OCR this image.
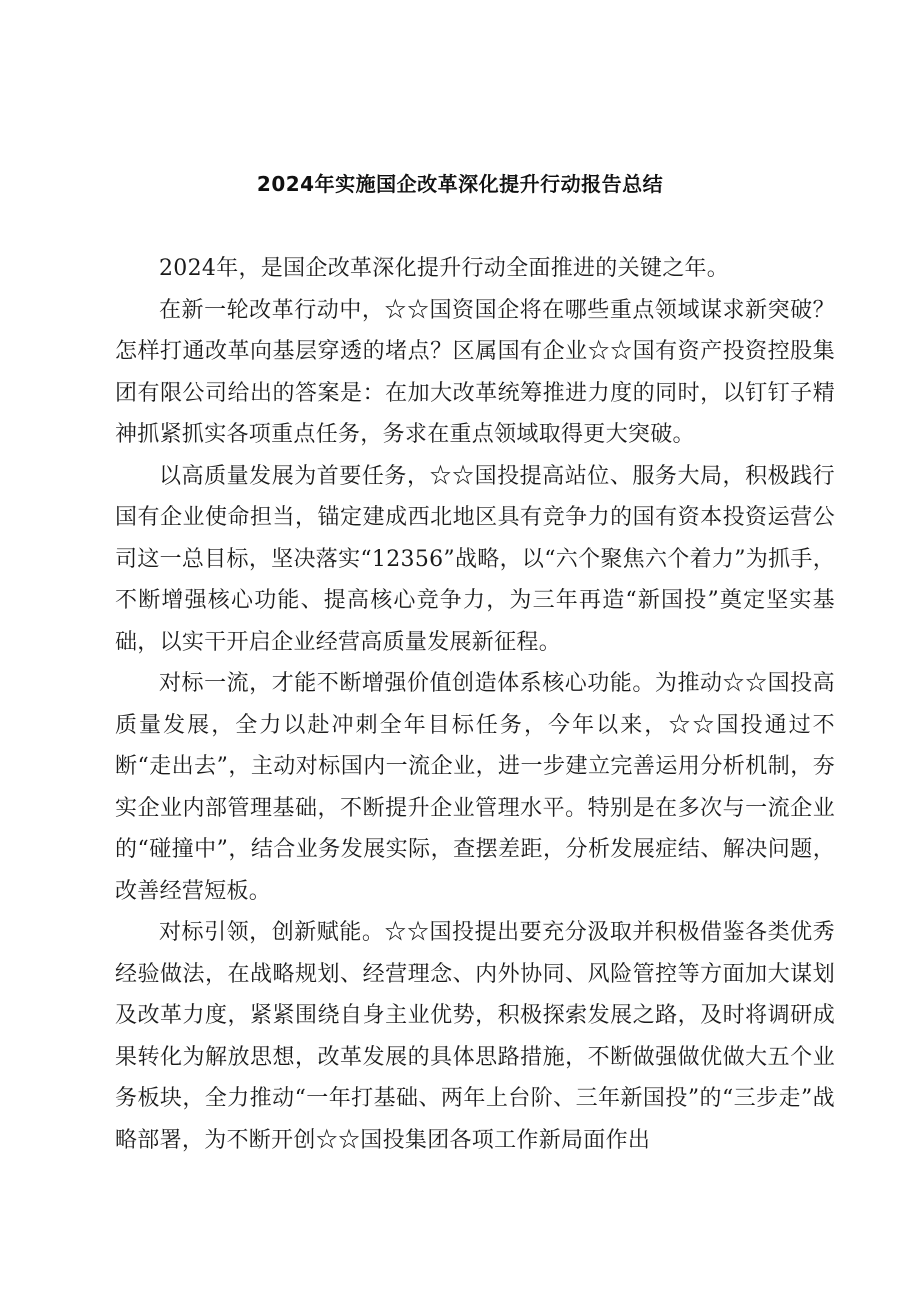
2024年实施国企改革深化提升行动报告总结

2024年，是国企改革深化提升行动全面推进的关键之年。

在新一轮改革行动中，☆☆国资国企将在哪些重点领域谋求新突破？怎样打通改革向基层穿透的堵点？区属国有企业☆☆国有资产投资控股集团有限公司给出的答案是：在加大改革统筹推进力度的同时，以钉钉子精神抓紧抓实各项重点任务，务求在重点领域取得更大突破。

以高质量发展为首要任务，☆☆国投提高站位、服务大局，积极践行国有企业使命担当，锚定建成西北地区具有竞争力的国有资本投资运营公司这一总目标，坚决落实“12356”战略，以“六个聚焦六个着力”为抓手，不断增强核心功能、提高核心竞争力，为三年再造“新国投”奠定坚实基础，以实干开启企业经营高质量发展新征程。

对标一流，才能不断增强价值创造体系核心功能。为推动☆☆国投高质量发展，全力以赴冲刺全年目标任务，今年以来，☆☆国投通过不断“走出去”，主动对标国内一流企业，进一步建立完善运用分析机制，夯实企业内部管理基础，不断提升企业管理水平。特别是在多次与一流企业的“碰撞中”，结合业务发展实际，查摆差距，分析发展症结、解决问题，改善经营短板。

对标引领，创新赋能。☆☆国投提出要充分汲取并积极借鉴各类优秀经验做法，在战略规划、经营理念、内外协同、风险管控等方面加大谋划及改革力度，紧紧围绕自身主业优势，积极探索发展之路，及时将调研成果转化为解放思想，改革发展的具体思路措施，不断做强做优做大五个业务板块，全力推动“一年打基础、两年上台阶、三年新国投”的“三步走”战略部署，为不断开创☆☆国投集团各项工作新局面作出
